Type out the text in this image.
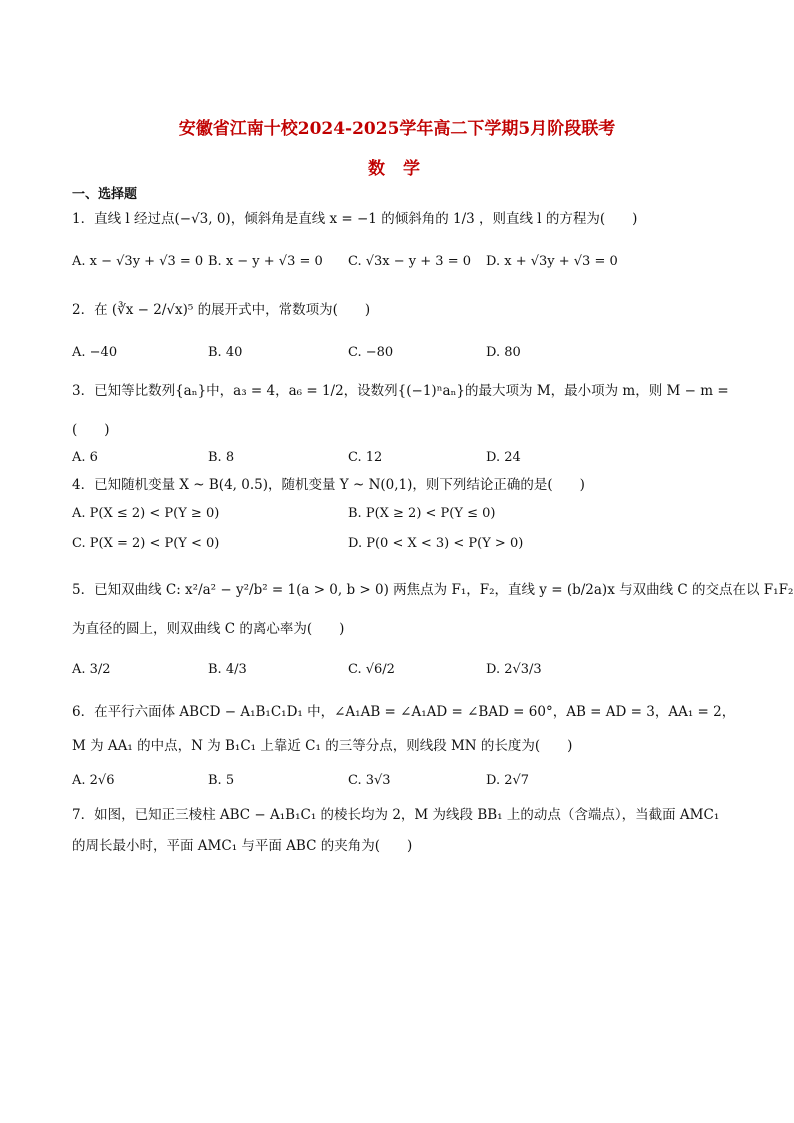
安徽省江南十校2024-2025学年高二下学期5月阶段联考
数 学
一、选择题
1．直线 l 经过点(−√3, 0)，倾斜角是直线 x = −1 的倾斜角的 1/3 ，则直线 l 的方程为(　　)
A. x − √3y + √3 = 0 B. x − y + √3 = 0 C. √3x − y + 3 = 0 D. x + √3y + √3 = 0
2．在 (∛x − 2/√x)⁵ 的展开式中，常数项为(　　)
A. −40	B. 40	C. −80	D. 80
3．已知等比数列{aₙ}中，a₃ = 4，a₆ = 1/2，设数列{(−1)ⁿaₙ}的最大项为 M，最小项为 m，则 M − m =
(　　)
A. 6	B. 8	C. 12	D. 24
4．已知随机变量 X ~ B(4, 0.5)，随机变量 Y ~ N(0,1)，则下列结论正确的是(　　)
A. P(X ≤ 2) < P(Y ≥ 0)	B. P(X ≥ 2) < P(Y ≤ 0)
C. P(X = 2) < P(Y < 0)	D. P(0 < X < 3) < P(Y > 0)
5．已知双曲线 C: x²/a² − y²/b² = 1(a > 0, b > 0) 两焦点为 F₁，F₂，直线 y = (b/2a)x 与双曲线 C 的交点在以 F₁F₂
为直径的圆上，则双曲线 C 的离心率为(　　)
A. 3/2	B. 4/3	C. √6/2	D. 2√3/3
6．在平行六面体 ABCD − A₁B₁C₁D₁ 中，∠A₁AB = ∠A₁AD = ∠BAD = 60°，AB = AD = 3，AA₁ = 2，
M 为 AA₁ 的中点，N 为 B₁C₁ 上靠近 C₁ 的三等分点，则线段 MN 的长度为(　　)
A. 2√6	B. 5	C. 3√3	D. 2√7
7．如图，已知正三棱柱 ABC − A₁B₁C₁ 的棱长均为 2，M 为线段 BB₁ 上的动点（含端点），当截面 AMC₁
的周长最小时，平面 AMC₁ 与平面 ABC 的夹角为(　　)
